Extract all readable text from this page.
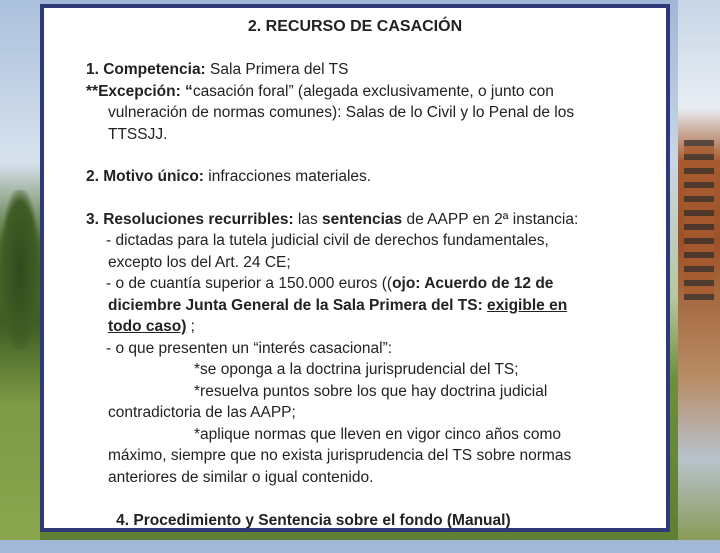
2. RECURSO DE CASACIÓN
1. Competencia: Sala Primera del TS
**Excepción: “casación foral” (alegada exclusivamente, o junto con
vulneración de normas comunes): Salas de lo Civil y lo Penal de los
TTSSJJ.
2. Motivo único: infracciones materiales.
3. Resoluciones recurribles: las sentencias de AAPP en 2ª instancia:
- dictadas para la tutela judicial civil de derechos fundamentales,
excepto los del Art. 24 CE;
- o de cuantía superior a 150.000 euros ((ojo: Acuerdo de 12 de
diciembre Junta General de la Sala Primera del TS: exigible en
todo caso) ;
- o que presenten un “interés casacional”:
*se oponga a la doctrina jurisprudencial del TS;
*resuelva puntos sobre los que hay doctrina judicial
contradictoria de las AAPP;
*aplique normas que lleven en vigor cinco años como
máximo, siempre que no exista jurisprudencia del TS sobre normas
anteriores de similar o igual contenido.

4. Procedimiento y Sentencia sobre el fondo (Manual)
